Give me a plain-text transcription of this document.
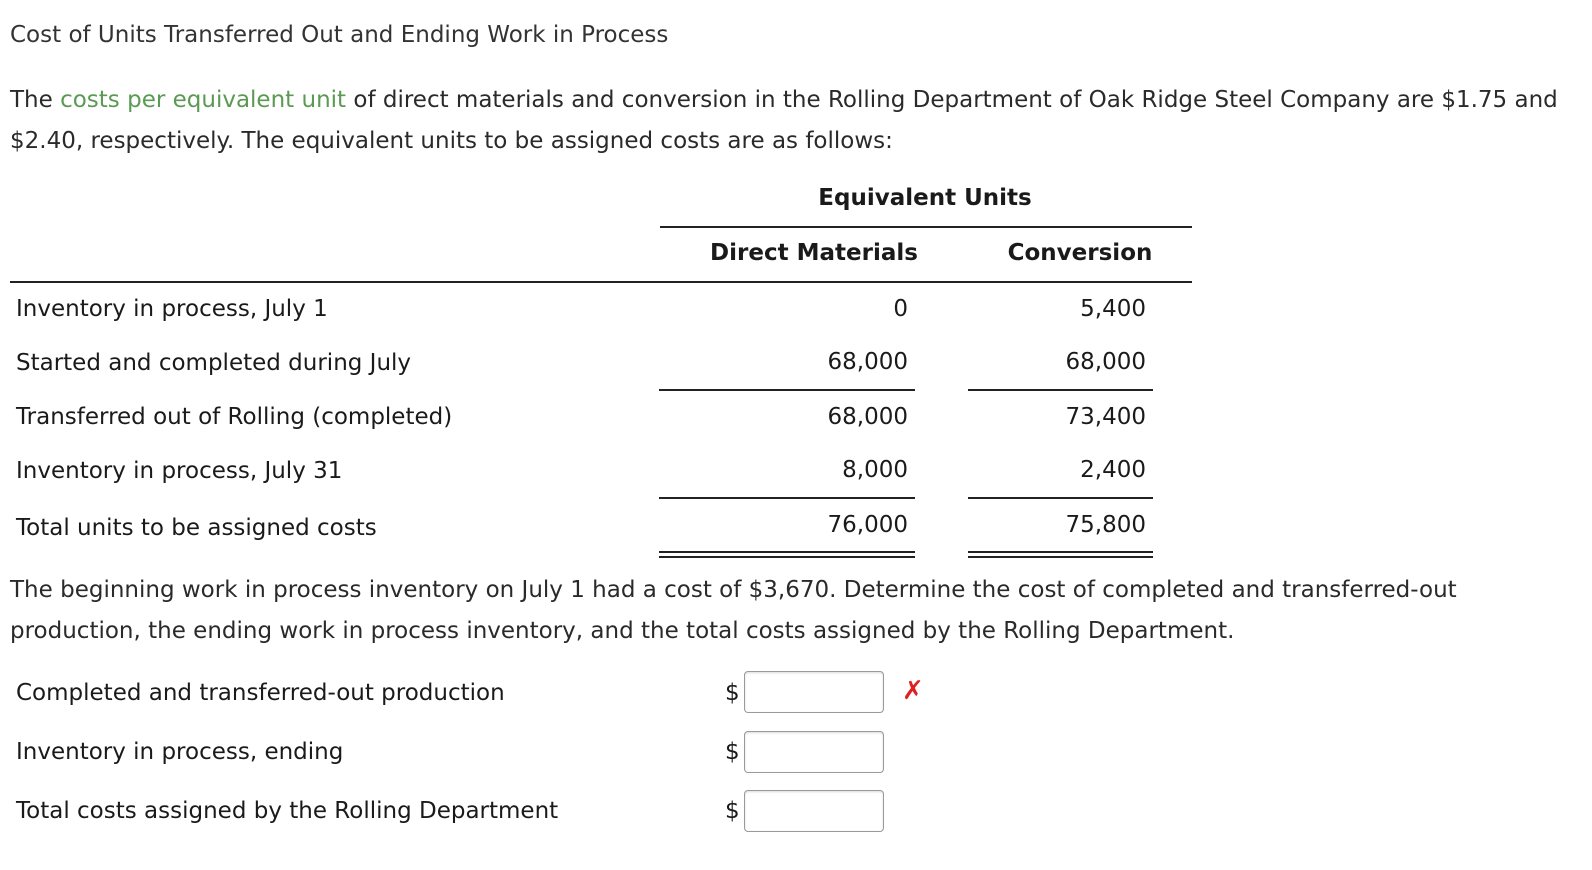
Cost of Units Transferred Out and Ending Work in Process
The costs per equivalent unit of direct materials and conversion in the Rolling Department of Oak Ridge Steel Company are $1.75 and $2.40, respectively. The equivalent units to be assigned costs are as follows:
Equivalent Units
Direct Materials	Conversion
Inventory in process, July 1	0	5,400
Started and completed during July	68,000	68,000
Transferred out of Rolling (completed)	68,000	73,400
Inventory in process, July 31	8,000	2,400
Total units to be assigned costs	76,000	75,800
The beginning work in process inventory on July 1 had a cost of $3,670. Determine the cost of completed and transferred-out production, the ending work in process inventory, and the total costs assigned by the Rolling Department.
Completed and transferred-out production	$	✗
Inventory in process, ending	$
Total costs assigned by the Rolling Department	$
